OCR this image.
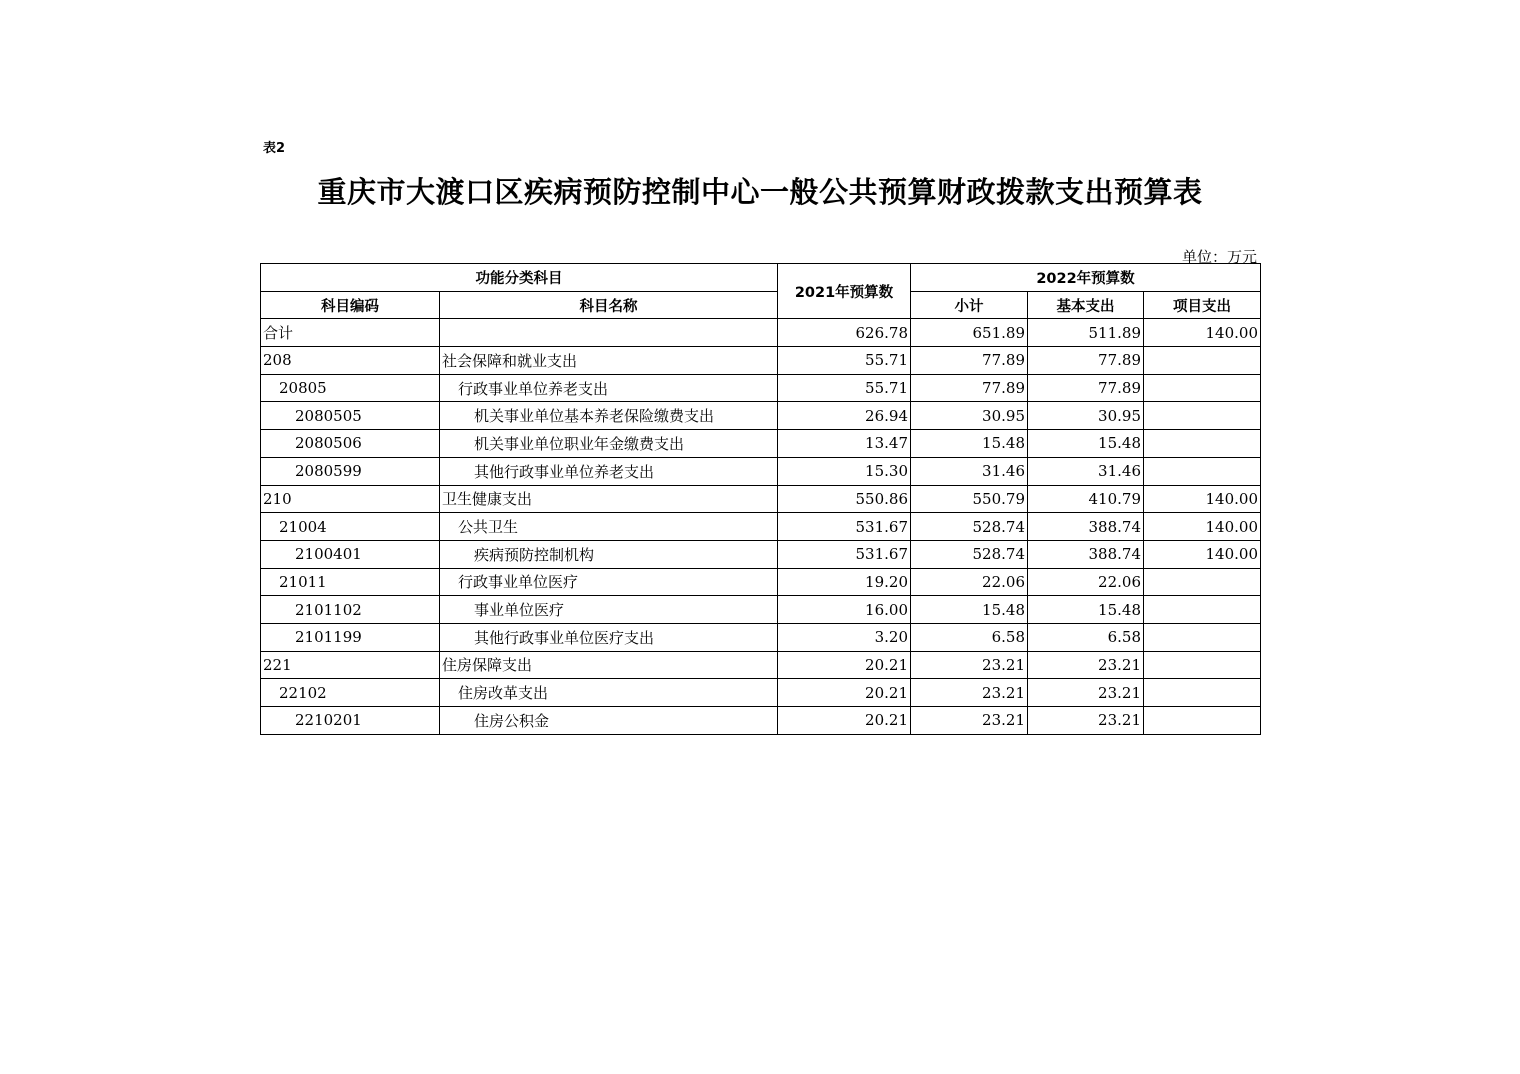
表2
重庆市大渡口区疾病预防控制中心一般公共预算财政拨款支出预算表
单位：万元
功能分类科目		2021年预算数	2022年预算数		
科目编码	科目名称		小计	基本支出	项目支出
合计		626.78	651.89	511.89	140.00
208	社会保障和就业支出	55.71	77.89	77.89	
20805	行政事业单位养老支出	55.71	77.89	77.89	
2080505	机关事业单位基本养老保险缴费支出	26.94	30.95	30.95	
2080506	机关事业单位职业年金缴费支出	13.47	15.48	15.48	
2080599	其他行政事业单位养老支出	15.30	31.46	31.46	
210	卫生健康支出	550.86	550.79	410.79	140.00
21004	公共卫生	531.67	528.74	388.74	140.00
2100401	疾病预防控制机构	531.67	528.74	388.74	140.00
21011	行政事业单位医疗	19.20	22.06	22.06	
2101102	事业单位医疗	16.00	15.48	15.48	
2101199	其他行政事业单位医疗支出	3.20	6.58	6.58	
221	住房保障支出	20.21	23.21	23.21	
22102	住房改革支出	20.21	23.21	23.21	
2210201	住房公积金	20.21	23.21	23.21	
